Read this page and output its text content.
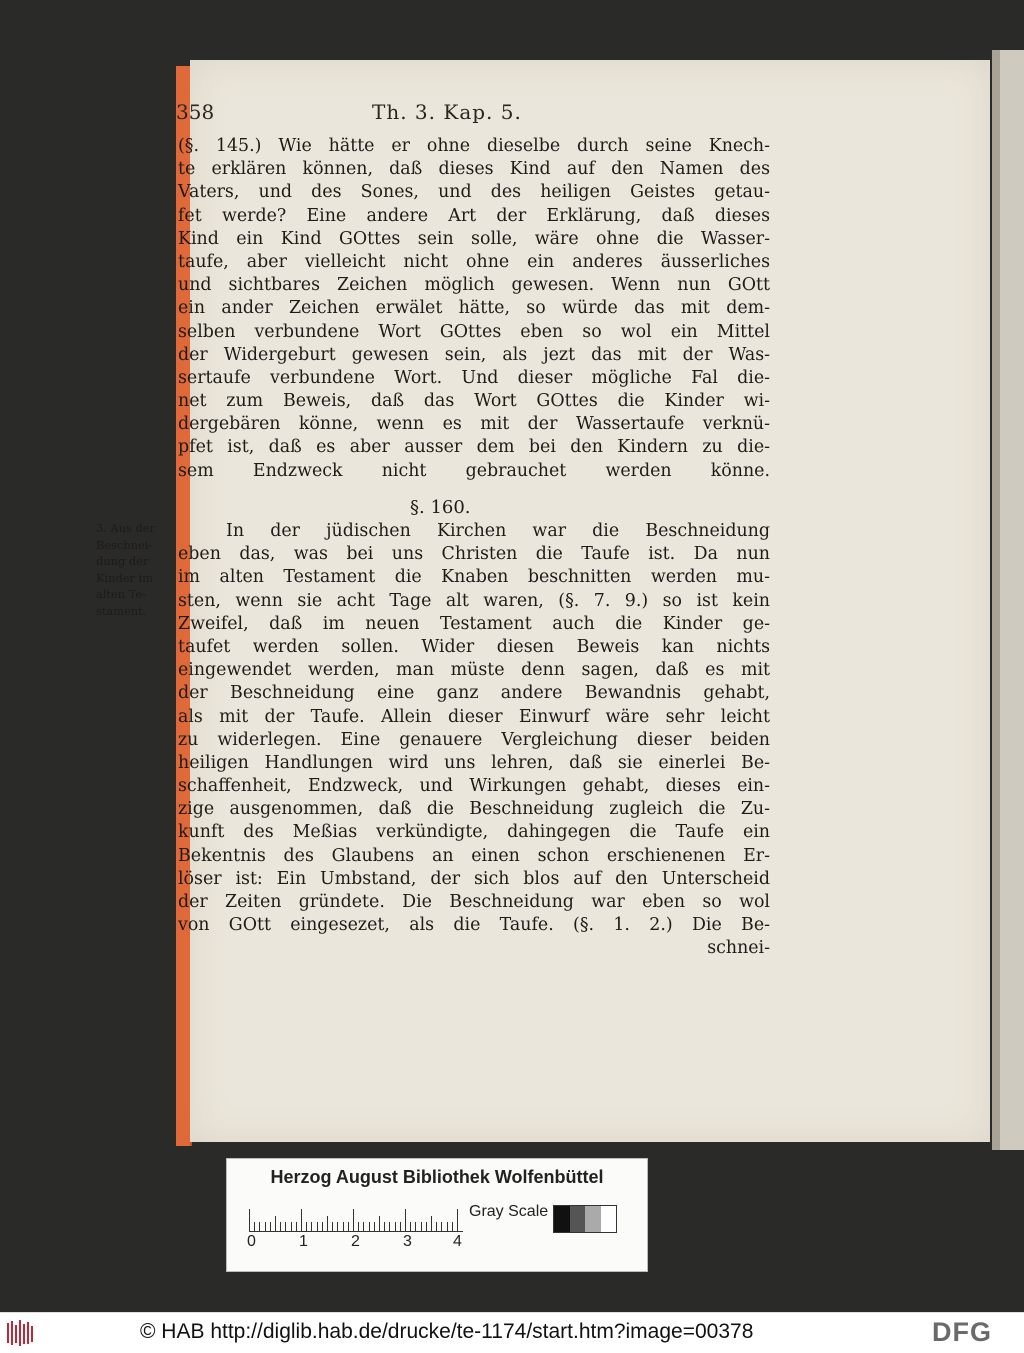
358	Th. 3. Kap. 5.
(§. 145.) Wie hätte er ohne dieselbe durch seine Knech-
te erklären können, daß dieses Kind auf den Namen des
Vaters, und des Sones, und des heiligen Geistes getau-
fet werde? Eine andere Art der Erklärung, daß dieses
Kind ein Kind GOttes sein solle, wäre ohne die Wasser-
taufe, aber vielleicht nicht ohne ein anderes äusserliches
und sichtbares Zeichen möglich gewesen. Wenn nun GOtt
ein ander Zeichen erwälet hätte, so würde das mit dem-
selben verbundene Wort GOttes eben so wol ein Mittel
der Widergeburt gewesen sein, als jezt das mit der Was-
sertaufe verbundene Wort. Und dieser mögliche Fal die-
net zum Beweis, daß das Wort GOttes die Kinder wi-
dergebären könne, wenn es mit der Wassertaufe verknü-
pfet ist, daß es aber ausser dem bei den Kindern zu die-
sem Endzweck nicht gebrauchet werden könne.
§. 160.
3. Aus der
Beschnei-
dung der
Kinder im
alten Te-
stament.
In der jüdischen Kirchen war die Beschneidung
eben das, was bei uns Christen die Taufe ist. Da nun
im alten Testament die Knaben beschnitten werden mu-
sten, wenn sie acht Tage alt waren, (§. 7. 9.) so ist kein
Zweifel, daß im neuen Testament auch die Kinder ge-
taufet werden sollen. Wider diesen Beweis kan nichts
eingewendet werden, man müste denn sagen, daß es mit
der Beschneidung eine ganz andere Bewandnis gehabt,
als mit der Taufe. Allein dieser Einwurf wäre sehr leicht
zu widerlegen. Eine genauere Vergleichung dieser beiden
heiligen Handlungen wird uns lehren, daß sie einerlei Be-
schaffenheit, Endzweck, und Wirkungen gehabt, dieses ein-
zige ausgenommen, daß die Beschneidung zugleich die Zu-
kunft des Meßias verkündigte, dahingegen die Taufe ein
Bekentnis des Glaubens an einen schon erschienenen Er-
löser ist: Ein Umbstand, der sich blos auf den Unterscheid
der Zeiten gründete. Die Beschneidung war eben so wol
von GOtt eingesezet, als die Taufe. (§. 1. 2.) Die Be-
schnei-
Herzog August Bibliothek Wolfenbüttel
0	1	2	3	4
Gray Scale
© HAB http://diglib.hab.de/drucke/te-1174/start.htm?image=00378	DFG
